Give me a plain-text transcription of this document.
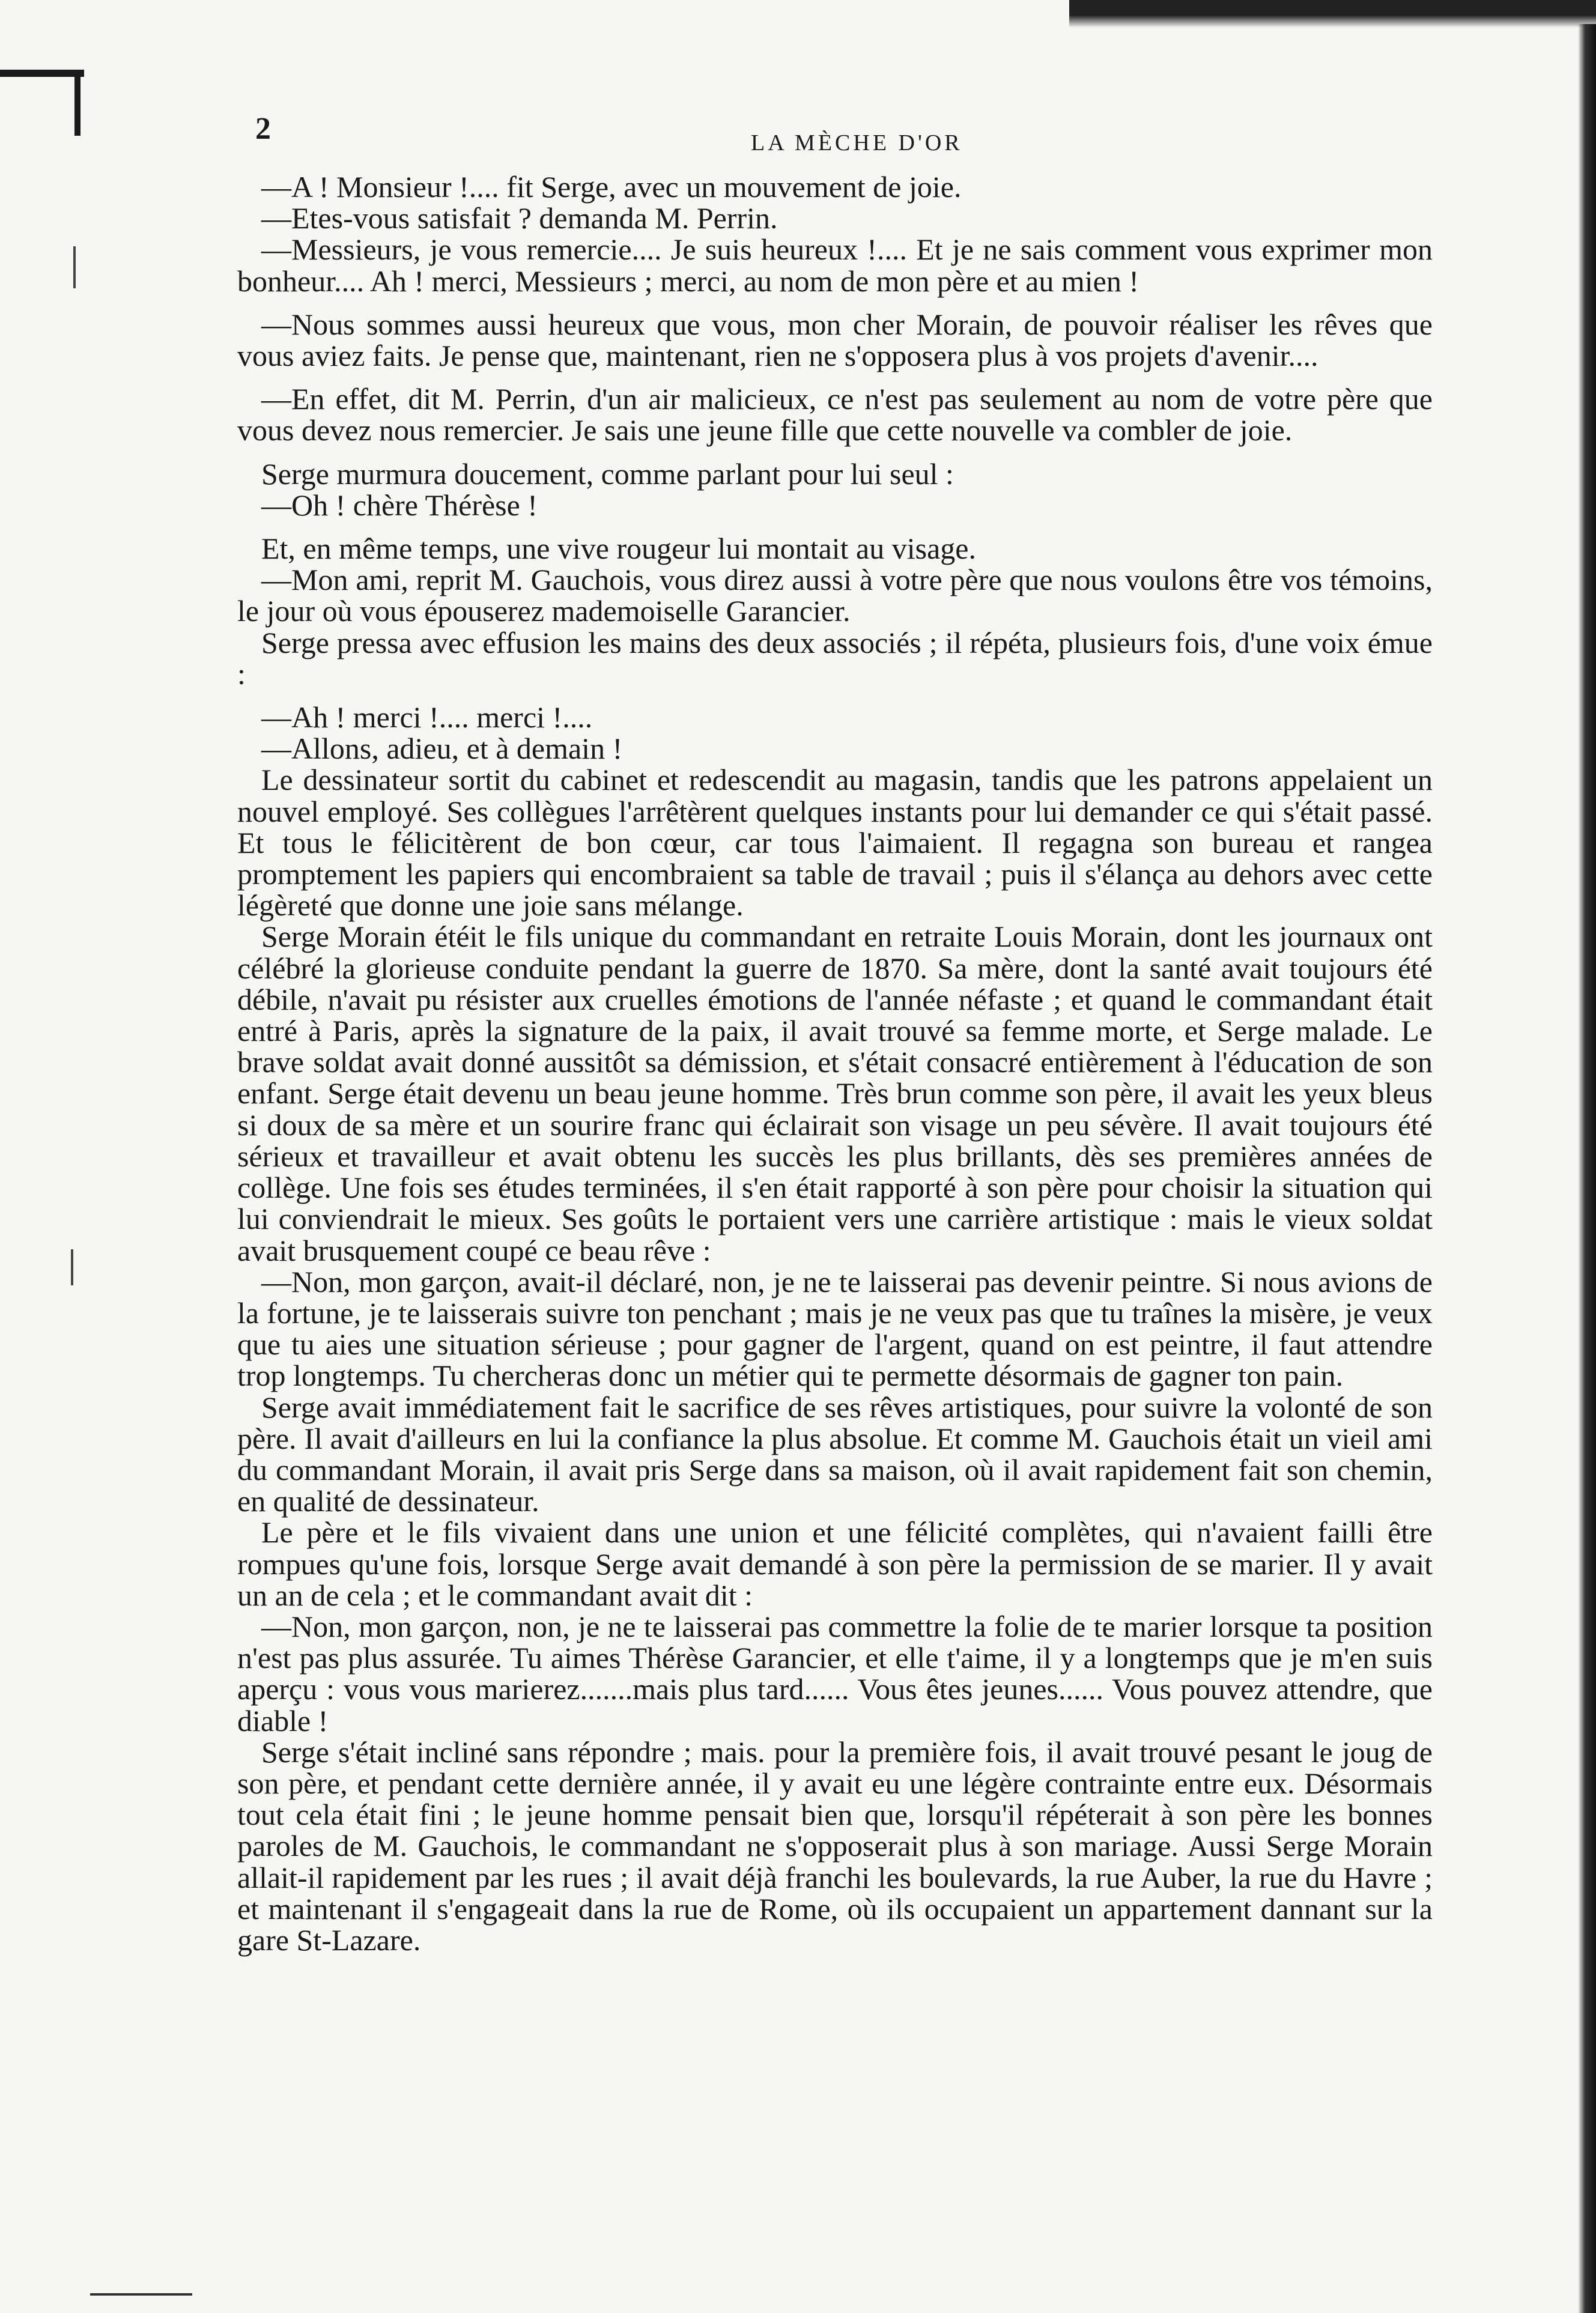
2	LA MÈCHE D'OR

—A ! Monsieur !.... fit Serge, avec un mouvement de joie.

—Etes-vous satisfait ? demanda M. Perrin.

—Messieurs, je vous remercie.... Je suis heureux !.... Et je ne sais comment vous exprimer mon bonheur.... Ah ! merci, Messieurs ; merci, au nom de mon père et au mien !

—Nous sommes aussi heureux que vous, mon cher Morain, de pouvoir réaliser les rêves que vous aviez faits. Je pense que, maintenant, rien ne s'opposera plus à vos projets d'avenir....

—En effet, dit M. Perrin, d'un air malicieux, ce n'est pas seulement au nom de votre père que vous devez nous remercier. Je sais une jeune fille que cette nouvelle va combler de joie.

Serge murmura doucement, comme parlant pour lui seul :

—Oh ! chère Thérèse !

Et, en même temps, une vive rougeur lui montait au visage.

—Mon ami, reprit M. Gauchois, vous direz aussi à votre père que nous voulons être vos témoins, le jour où vous épouserez mademoiselle Garancier.

Serge pressa avec effusion les mains des deux associés ; il répéta, plusieurs fois, d'une voix émue :

—Ah ! merci !.... merci !....

—Allons, adieu, et à demain !

Le dessinateur sortit du cabinet et redescendit au magasin, tandis que les patrons appelaient un nouvel employé. Ses collègues l'arrêtèrent quelques instants pour lui demander ce qui s'était passé. Et tous le félicitèrent de bon cœur, car tous l'aimaient. Il regagna son bureau et rangea promptement les papiers qui encombraient sa table de travail ; puis il s'élança au dehors avec cette légèreté que donne une joie sans mélange.

Serge Morain étéit le fils unique du commandant en retraite Louis Morain, dont les journaux ont célébré la glorieuse conduite pendant la guerre de 1870. Sa mère, dont la santé avait toujours été débile, n'avait pu résister aux cruelles émotions de l'année néfaste ; et quand le commandant était entré à Paris, après la signature de la paix, il avait trouvé sa femme morte, et Serge malade. Le brave soldat avait donné aussitôt sa démission, et s'était consacré entièrement à l'éducation de son enfant. Serge était devenu un beau jeune homme. Très brun comme son père, il avait les yeux bleus si doux de sa mère et un sourire franc qui éclairait son visage un peu sévère. Il avait toujours été sérieux et travailleur et avait obtenu les succès les plus brillants, dès ses premières années de collège. Une fois ses études terminées, il s'en était rapporté à son père pour choisir la situation qui lui conviendrait le mieux. Ses goûts le portaient vers une carrière artistique : mais le vieux soldat avait brusquement coupé ce beau rêve :

—Non, mon garçon, avait-il déclaré, non, je ne te laisserai pas devenir peintre. Si nous avions de la fortune, je te laisserais suivre ton penchant ; mais je ne veux pas que tu traînes la misère, je veux que tu aies une situation sérieuse ; pour gagner de l'argent, quand on est peintre, il faut attendre trop longtemps. Tu chercheras donc un métier qui te permette désormais de gagner ton pain.

Serge avait immédiatement fait le sacrifice de ses rêves artistiques, pour suivre la volonté de son père. Il avait d'ailleurs en lui la confiance la plus absolue. Et comme M. Gauchois était un vieil ami du commandant Morain, il avait pris Serge dans sa maison, où il avait rapidement fait son chemin, en qualité de dessinateur.

Le père et le fils vivaient dans une union et une félicité complètes, qui n'avaient failli être rompues qu'une fois, lorsque Serge avait demandé à son père la permission de se marier. Il y avait un an de cela ; et le commandant avait dit :

—Non, mon garçon, non, je ne te laisserai pas commettre la folie de te marier lorsque ta position n'est pas plus assurée. Tu aimes Thérèse Garancier, et elle t'aime, il y a longtemps que je m'en suis aperçu : vous vous marierez.......mais plus tard...... Vous êtes jeunes...... Vous pouvez attendre, que diable !

Serge s'était incliné sans répondre ; mais. pour la première fois, il avait trouvé pesant le joug de son père, et pendant cette dernière année, il y avait eu une légère contrainte entre eux. Désormais tout cela était fini ; le jeune homme pensait bien que, lorsqu'il répéterait à son père les bonnes paroles de M. Gauchois, le commandant ne s'opposerait plus à son mariage. Aussi Serge Morain allait-il rapidement par les rues ; il avait déjà franchi les boulevards, la rue Auber, la rue du Havre ; et maintenant il s'engageait dans la rue de Rome, où ils occupaient un appartement dannant sur la gare St-Lazare.
